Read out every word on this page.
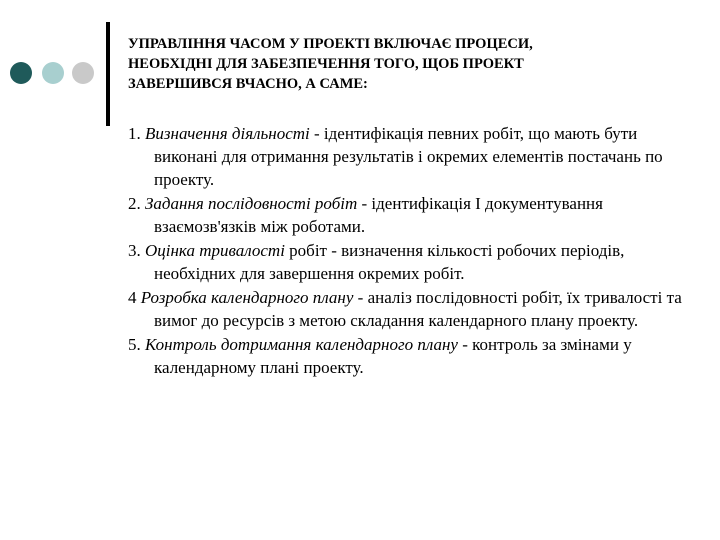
УПРАВЛІННЯ ЧАСОМ У ПРОЕКТІ ВКЛЮЧАЄ ПРОЦЕСИ,
НЕОБХІДНІ ДЛЯ ЗАБЕЗПЕЧЕННЯ ТОГО, ЩОБ ПРОЕКТ
ЗАВЕРШИВСЯ ВЧАСНО, А САМЕ:
1. Визначення діяльності - ідентифікація певних робіт, що мають бути виконані для отримання результатів і окремих елементів постачань по проекту.
2. Задання послідовності робіт - ідентифікація І документування взаємозв'язків між роботами.
3. Оцінка тривалості робіт - визначення кількості робочих періодів, необхідних для завершення окремих робіт.
4 Розробка календарного плану - аналіз послідовності робіт, їх тривалості та вимог до ресурсів з метою складання календарного плану проекту.
5. Контроль дотримання календарного плану - контроль за змінами у календарному плані проекту.
